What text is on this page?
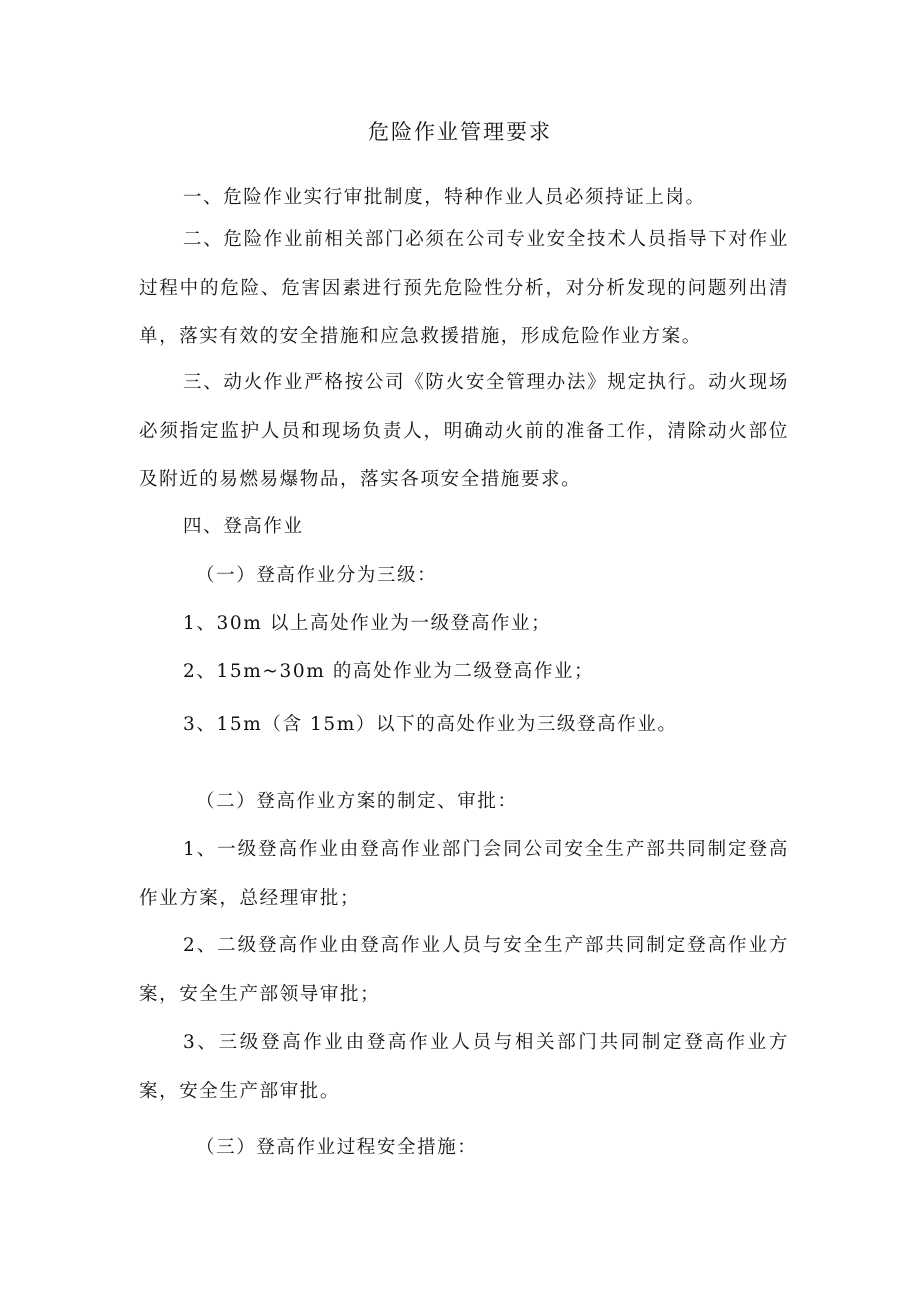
危险作业管理要求

一、危险作业实行审批制度，特种作业人员必须持证上岗。

二、危险作业前相关部门必须在公司专业安全技术人员指导下对作业过程中的危险、危害因素进行预先危险性分析，对分析发现的问题列出清单，落实有效的安全措施和应急救援措施，形成危险作业方案。

三、动火作业严格按公司《防火安全管理办法》规定执行。动火现场必须指定监护人员和现场负责人，明确动火前的准备工作，清除动火部位及附近的易燃易爆物品，落实各项安全措施要求。

四、登高作业

（一）登高作业分为三级：

1、30m 以上高处作业为一级登高作业；

2、15m~30m 的高处作业为二级登高作业；

3、15m（含 15m）以下的高处作业为三级登高作业。

（二）登高作业方案的制定、审批：

1、一级登高作业由登高作业部门会同公司安全生产部共同制定登高作业方案，总经理审批；

2、二级登高作业由登高作业人员与安全生产部共同制定登高作业方案，安全生产部领导审批；

3、三级登高作业由登高作业人员与相关部门共同制定登高作业方案，安全生产部审批。

（三）登高作业过程安全措施：
